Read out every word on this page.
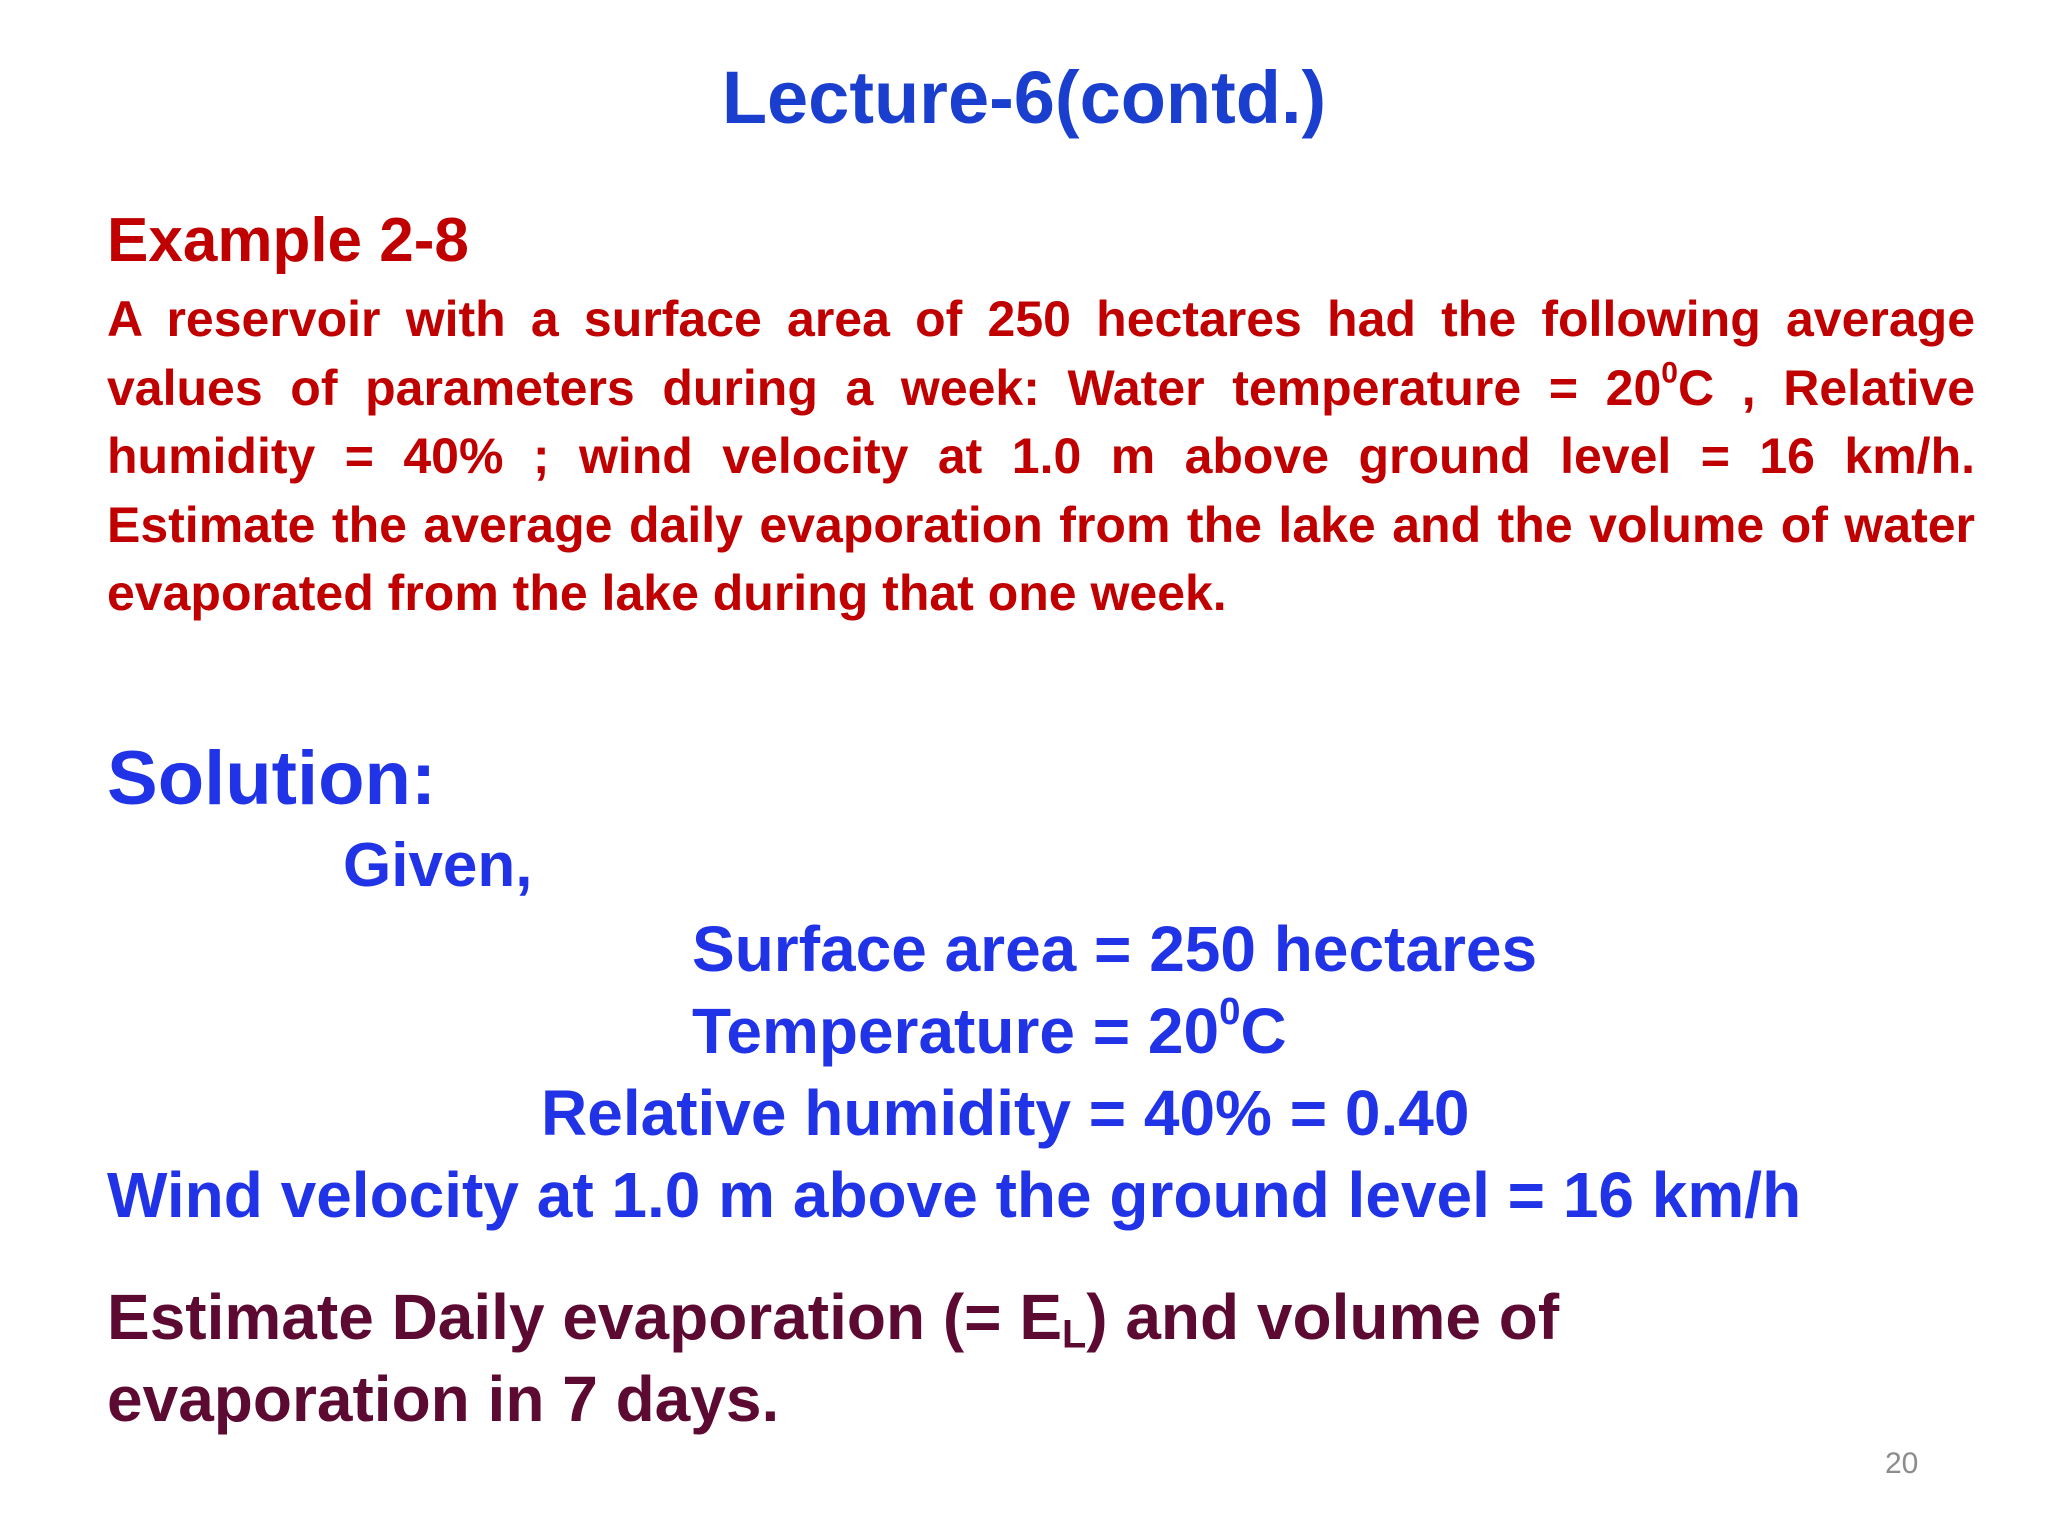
Lecture-6(contd.)
Example 2-8

A reservoir with a surface area of 250 hectares had the following average values of parameters during a week: Water temperature = $20^0C$ , Relative humidity = 40% ; wind velocity at 1.0 m above ground level = 16 km/h. Estimate the average daily evaporation from the lake and the volume of water evaporated from the lake during that one week.

Solution:
Given,
Surface area = 250 hectares
Temperature = $20^0C$
Relative humidity = 40% = 0.40
Wind velocity at 1.0 m above the ground level = 16 km/h
Estimate Daily evaporation (= $E_L$) and volume of
evaporation in 7 days.
20
